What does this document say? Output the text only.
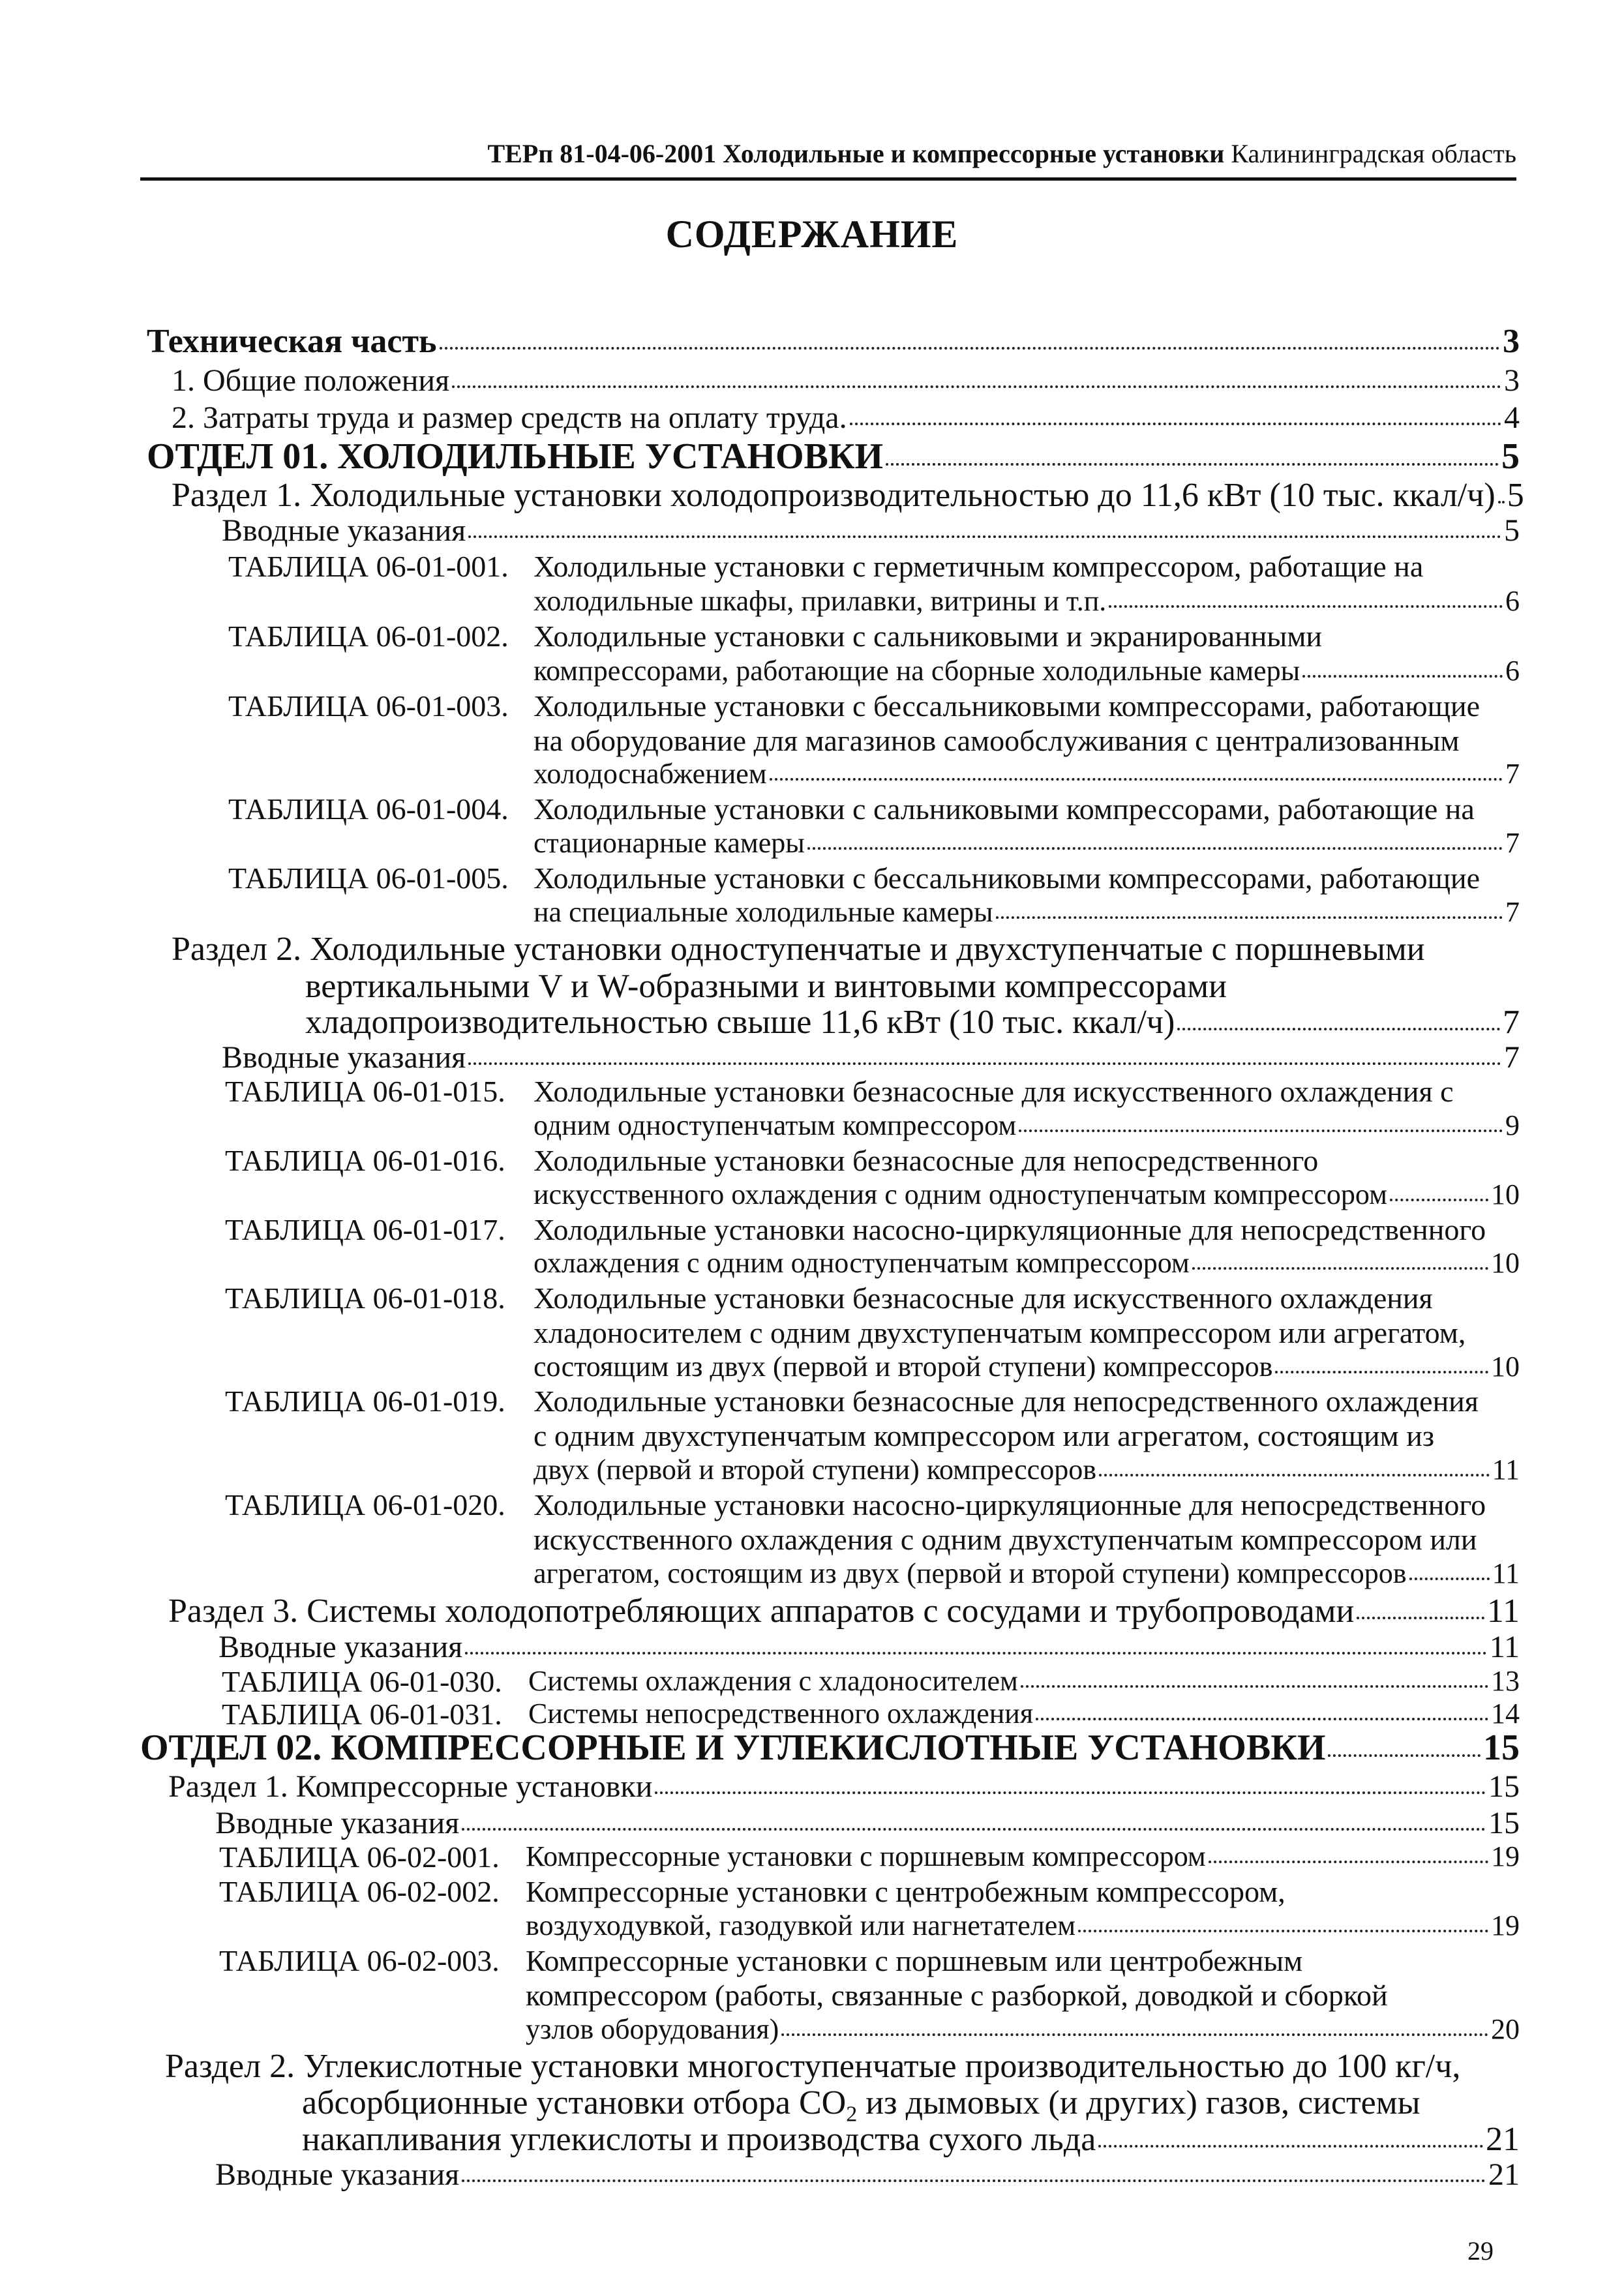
ТЕРп 81-04-06-2001 Холодильные и компрессорные установки Калининградская область
СОДЕРЖАНИЕ
Техническая часть	3
1. Общие положения	3
2. Затраты труда и размер средств на оплату труда.	4
ОТДЕЛ 01. ХОЛОДИЛЬНЫЕ УСТАНОВКИ	5
Раздел 1. Холодильные установки холодопроизводительностью до 11,6 кВт (10 тыс. ккал/ч) 5
Вводные указания	5
ТАБЛИЦА 06-01-001. Холодильные установки с герметичным компрессором, работащие на
холодильные шкафы, прилавки, витрины и т.п.	6
ТАБЛИЦА 06-01-002. Холодильные установки с сальниковыми и экранированными
компрессорами, работающие на сборные холодильные камеры	6
ТАБЛИЦА 06-01-003. Холодильные установки с бессальниковыми компрессорами, работающие
на оборудование для магазинов самообслуживания с централизованным
холодоснабжением	7
ТАБЛИЦА 06-01-004. Холодильные установки с сальниковыми компрессорами, работающие на
стационарные камеры	7
ТАБЛИЦА 06-01-005. Холодильные установки с бессальниковыми компрессорами, работающие
на специальные холодильные камеры	7
Раздел 2. Холодильные установки одноступенчатые и двухступенчатые с поршневыми
вертикальными V и W-образными и винтовыми компрессорами
хладопроизводительностью свыше 11,6 кВт (10 тыс. ккал/ч)	7
Вводные указания	7
ТАБЛИЦА 06-01-015. Холодильные установки безнасосные для искусственного охлаждения с
одним одноступенчатым компрессором	9
ТАБЛИЦА 06-01-016. Холодильные установки безнасосные для непосредственного
искусственного охлаждения с одним одноступенчатым компрессором	10
ТАБЛИЦА 06-01-017. Холодильные установки насосно-циркуляционные для непосредственного
охлаждения с одним одноступенчатым компрессором	10
ТАБЛИЦА 06-01-018. Холодильные установки безнасосные для искусственного охлаждения
хладоносителем с одним двухступенчатым компрессором или агрегатом,
состоящим из двух (первой и второй ступени) компрессоров	10
ТАБЛИЦА 06-01-019. Холодильные установки безнасосные для непосредственного охлаждения
с одним двухступенчатым компрессором или агрегатом, состоящим из
двух (первой и второй ступени) компрессоров	11
ТАБЛИЦА 06-01-020. Холодильные установки насосно-циркуляционные для непосредственного
искусственного охлаждения с одним двухступенчатым компрессором или
агрегатом, состоящим из двух (первой и второй ступени) компрессоров	11
Раздел 3. Системы холодопотребляющих аппаратов с сосудами и трубопроводами	11
Вводные указания	11
ТАБЛИЦА 06-01-030. Системы охлаждения с хладоносителем	13
ТАБЛИЦА 06-01-031. Системы непосредственного охлаждения	14
ОТДЕЛ 02. КОМПРЕССОРНЫЕ И УГЛЕКИСЛОТНЫЕ УСТАНОВКИ	15
Раздел 1. Компрессорные установки	15
Вводные указания	15
ТАБЛИЦА 06-02-001. Компрессорные установки с поршневым компрессором	19
ТАБЛИЦА 06-02-002. Компрессорные установки с центробежным компрессором,
воздуходувкой, газодувкой или нагнетателем	19
ТАБЛИЦА 06-02-003. Компрессорные установки с поршневым или центробежным
компрессором (работы, связанные с разборкой, доводкой и сборкой
узлов оборудования)	20
Раздел 2. Углекислотные установки многоступенчатые производительностью до 100 кг/ч,
абсорбционные установки отбора $CO_2$ из дымовых (и других) газов, системы
накапливания углекислоты и производства сухого льда	21
Вводные указания	21
29
